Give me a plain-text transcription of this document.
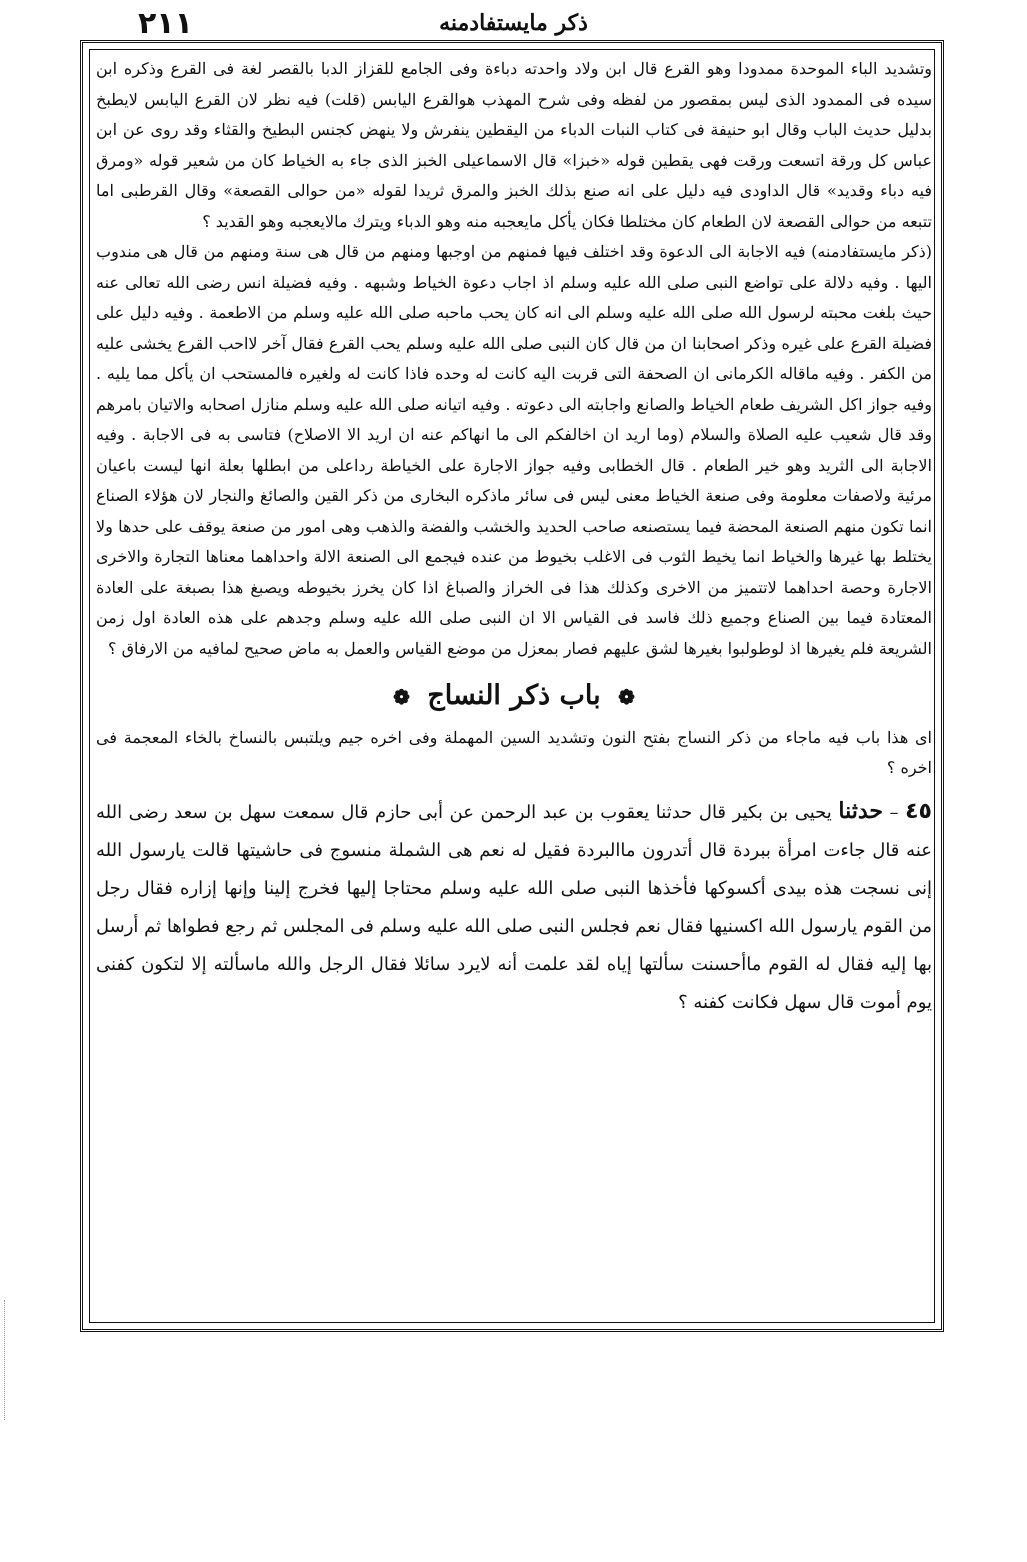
٢١١	ذكر مايستفادمنه

وتشديد الباء الموحدة ممدودا وهو القرع قال ابن ولاد واحدته دباءة وفى الجامع للقزاز الدبا بالقصر لغة فى القرع وذكره ابن سيده فى الممدود الذى ليس بمقصور من لفظه وفى شرح المهذب هوالقرع اليابس (قلت) فيه نظر لان القرع اليابس لايطبخ بدليل حديث الباب وقال ابو حنيفة فى كتاب النبات الدباء من اليقطين ينفرش ولا ينهض كجنس البطيخ والقثاء وقد روى عن ابن عباس كل ورقة اتسعت ورقت فهى يقطين قوله «خبزا» قال الاسماعيلى الخبز الذى جاء به الخياط كان من شعير قوله «ومرق فيه دباء وقديد» قال الداودى فيه دليل على انه صنع بذلك الخبز والمرق ثريدا لقوله «من حوالى القصعة» وقال القرطبى اما تتبعه من حوالى القصعة لان الطعام كان مختلطا فكان يأكل مايعجبه منه وهو الدباء ويترك مالايعجبه وهو القديد ؟

(ذكر مايستفادمنه) فيه الاجابة الى الدعوة وقد اختلف فيها فمنهم من اوجبها ومنهم من قال هى سنة ومنهم من قال هى مندوب اليها . وفيه دلالة على تواضع النبى صلى الله عليه وسلم اذ اجاب دعوة الخياط وشبهه . وفيه فضيلة انس رضى الله تعالى عنه حيث بلغت محبته لرسول الله صلى الله عليه وسلم الى انه كان يحب ماحبه صلى الله عليه وسلم من الاطعمة . وفيه دليل على فضيلة القرع على غيره وذكر اصحابنا ان من قال كان النبى صلى الله عليه وسلم يحب القرع فقال آخر لااحب القرع يخشى عليه من الكفر . وفيه ماقاله الكرمانى ان الصحفة التى قربت اليه كانت له وحده فاذا كانت له ولغيره فالمستحب ان يأكل مما يليه . وفيه جواز اكل الشريف طعام الخياط والصانع واجابته الى دعوته . وفيه اتيانه صلى الله عليه وسلم منازل اصحابه والاتيان بامرهم وقد قال شعيب عليه الصلاة والسلام (وما اريد ان اخالفكم الى ما انهاكم عنه ان اريد الا الاصلاح) فتاسى به فى الاجابة . وفيه الاجابة الى الثريد وهو خير الطعام . قال الخطابى وفيه جواز الاجارة على الخياطة رداعلى من ابطلها بعلة انها ليست باعيان مرئية ولاصفات معلومة وفى صنعة الخياط معنى ليس فى سائر ماذكره البخارى من ذكر القين والصائغ والنجار لان هؤلاء الصناع انما تكون منهم الصنعة المحضة فيما يستصنعه صاحب الحديد والخشب والفضة والذهب وهى امور من صنعة يوقف على حدها ولا يختلط بها غيرها والخياط انما يخيط الثوب فى الاغلب بخيوط من عنده فيجمع الى الصنعة الالة واحداهما معناها التجارة والاخرى الاجارة وحصة احداهما لاتتميز من الاخرى وكذلك هذا فى الخراز والصباغ اذا كان يخرز بخيوطه ويصبغ هذا بصبغة على العادة المعتادة فيما بين الصناع وجميع ذلك فاسد فى القياس الا ان النبى صلى الله عليه وسلم وجدهم على هذه العادة اول زمن الشريعة فلم يغيرها اذ لوطولبوا بغيرها لشق عليهم فصار بمعزل من موضع القياس والعمل به ماض صحيح لمافيه من الارفاق ؟

❁ باب ذكر النساج ❁

اى هذا باب فيه ماجاء من ذكر النساج بفتح النون وتشديد السين المهملة وفى اخره جيم ويلتبس بالنساخ بالخاء المعجمة فى اخره ؟

٤٥ – حدثنا يحيى بن بكير قال حدثنا يعقوب بن عبد الرحمن عن أبى حازم قال سمعت سهل بن سعد رضى الله عنه قال جاءت امرأة ببردة قال أتدرون ماالبردة فقيل له نعم هى الشملة منسوج فى حاشيتها قالت يارسول الله إنى نسجت هذه بيدى أكسوكها فأخذها النبى صلى الله عليه وسلم محتاجا إليها فخرج إلينا وإنها إزاره فقال رجل من القوم يارسول الله اكسنيها فقال نعم فجلس النبى صلى الله عليه وسلم فى المجلس ثم رجع فطواها ثم أرسل بها إليه فقال له القوم ماأحسنت سألتها إياه لقد علمت أنه لايرد سائلا فقال الرجل والله ماسألته إلا لتكون كفنى يوم أموت قال سهل فكانت كفنه ؟
